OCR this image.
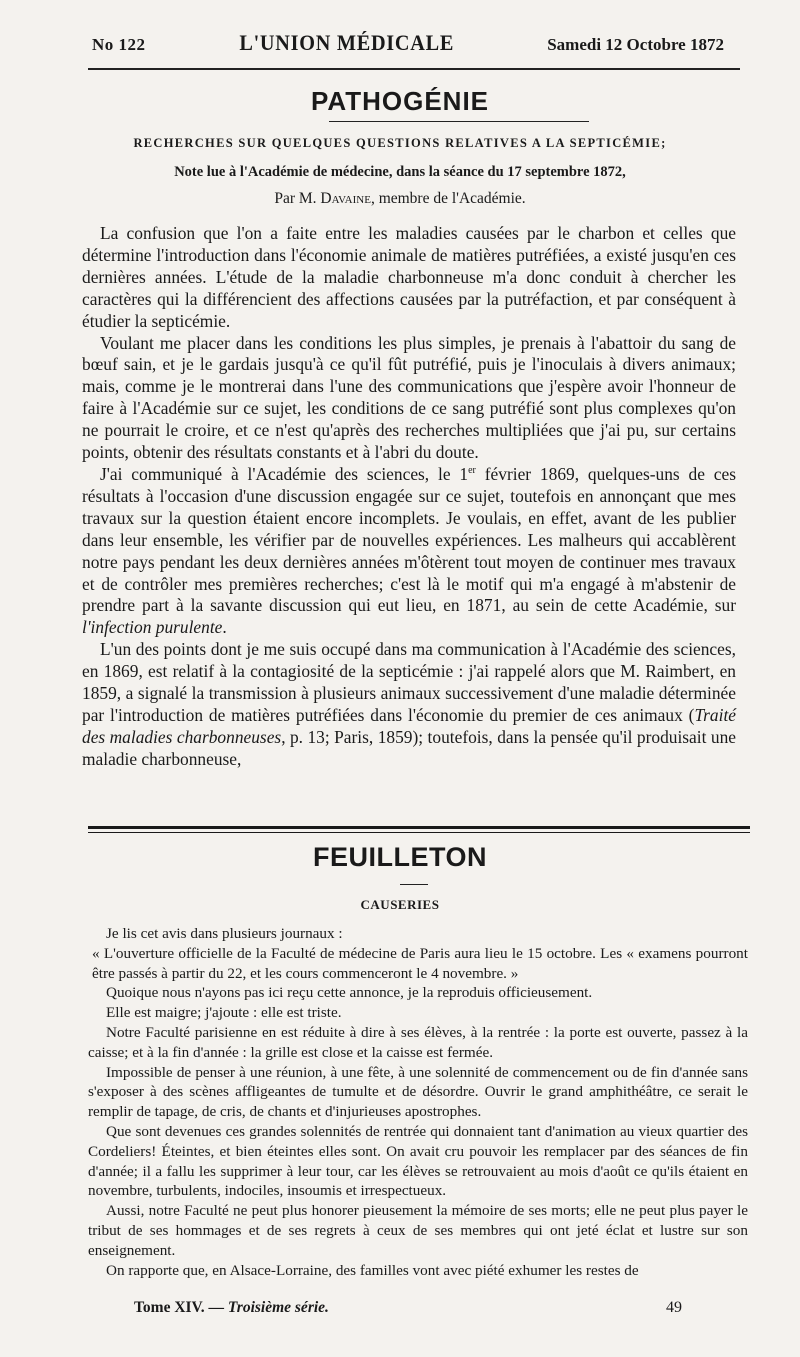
No 122	L'UNION MÉDICALE	Samedi 12 Octobre 1872
PATHOGÉNIE
RECHERCHES SUR QUELQUES QUESTIONS RELATIVES A LA SEPTICÉMIE;
Note lue à l'Académie de médecine, dans la séance du 17 septembre 1872,
Par M. Davaine, membre de l'Académie.

La confusion que l'on a faite entre les maladies causées par le charbon et celles que détermine l'introduction dans l'économie animale de matières putréfiées, a existé jusqu'en ces dernières années. L'étude de la maladie charbonneuse m'a donc conduit à chercher les caractères qui la différencient des affections causées par la putréfaction, et par conséquent à étudier la septicémie.

Voulant me placer dans les conditions les plus simples, je prenais à l'abattoir du sang de bœuf sain, et je le gardais jusqu'à ce qu'il fût putréfié, puis je l'inoculais à divers animaux; mais, comme je le montrerai dans l'une des communications que j'espère avoir l'honneur de faire à l'Académie sur ce sujet, les conditions de ce sang putréfié sont plus complexes qu'on ne pourrait le croire, et ce n'est qu'après des recherches multipliées que j'ai pu, sur certains points, obtenir des résultats constants et à l'abri du doute.

J'ai communiqué à l'Académie des sciences, le 1er février 1869, quelques-uns de ces résultats à l'occasion d'une discussion engagée sur ce sujet, toutefois en annonçant que mes travaux sur la question étaient encore incomplets. Je voulais, en effet, avant de les publier dans leur ensemble, les vérifier par de nouvelles expériences. Les malheurs qui accablèrent notre pays pendant les deux dernières années m'ôtèrent tout moyen de continuer mes travaux et de contrôler mes premières recherches; c'est là le motif qui m'a engagé à m'abstenir de prendre part à la savante discussion qui eut lieu, en 1871, au sein de cette Académie, sur l'infection purulente.

L'un des points dont je me suis occupé dans ma communication à l'Académie des sciences, en 1869, est relatif à la contagiosité de la septicémie : j'ai rappelé alors que M. Raimbert, en 1859, a signalé la transmission à plusieurs animaux successivement d'une maladie déterminée par l'introduction de matières putréfiées dans l'économie du premier de ces animaux (Traité des maladies charbonneuses, p. 13; Paris, 1859); toutefois, dans la pensée qu'il produisait une maladie charbonneuse,

FEUILLETON
CAUSERIES

Je lis cet avis dans plusieurs journaux :

« L'ouverture officielle de la Faculté de médecine de Paris aura lieu le 15 octobre. Les « examens pourront être passés à partir du 22, et les cours commenceront le 4 novembre. »

Quoique nous n'ayons pas ici reçu cette annonce, je la reproduis officieusement.

Elle est maigre; j'ajoute : elle est triste.

Notre Faculté parisienne en est réduite à dire à ses élèves, à la rentrée : la porte est ouverte, passez à la caisse; et à la fin d'année : la grille est close et la caisse est fermée.

Impossible de penser à une réunion, à une fête, à une solennité de commencement ou de fin d'année sans s'exposer à des scènes affligeantes de tumulte et de désordre. Ouvrir le grand amphithéâtre, ce serait le remplir de tapage, de cris, de chants et d'injurieuses apostrophes.

Que sont devenues ces grandes solennités de rentrée qui donnaient tant d'animation au vieux quartier des Cordeliers! Éteintes, et bien éteintes elles sont. On avait cru pouvoir les remplacer par des séances de fin d'année; il a fallu les supprimer à leur tour, car les élèves se retrouvaient au mois d'août ce qu'ils étaient en novembre, turbulents, indociles, insoumis et irrespectueux.

Aussi, notre Faculté ne peut plus honorer pieusement la mémoire de ses morts; elle ne peut plus payer le tribut de ses hommages et de ses regrets à ceux de ses membres qui ont jeté éclat et lustre sur son enseignement.

On rapporte que, en Alsace-Lorraine, des familles vont avec piété exhumer les restes de

Tome XIV. — Troisième série.	49
